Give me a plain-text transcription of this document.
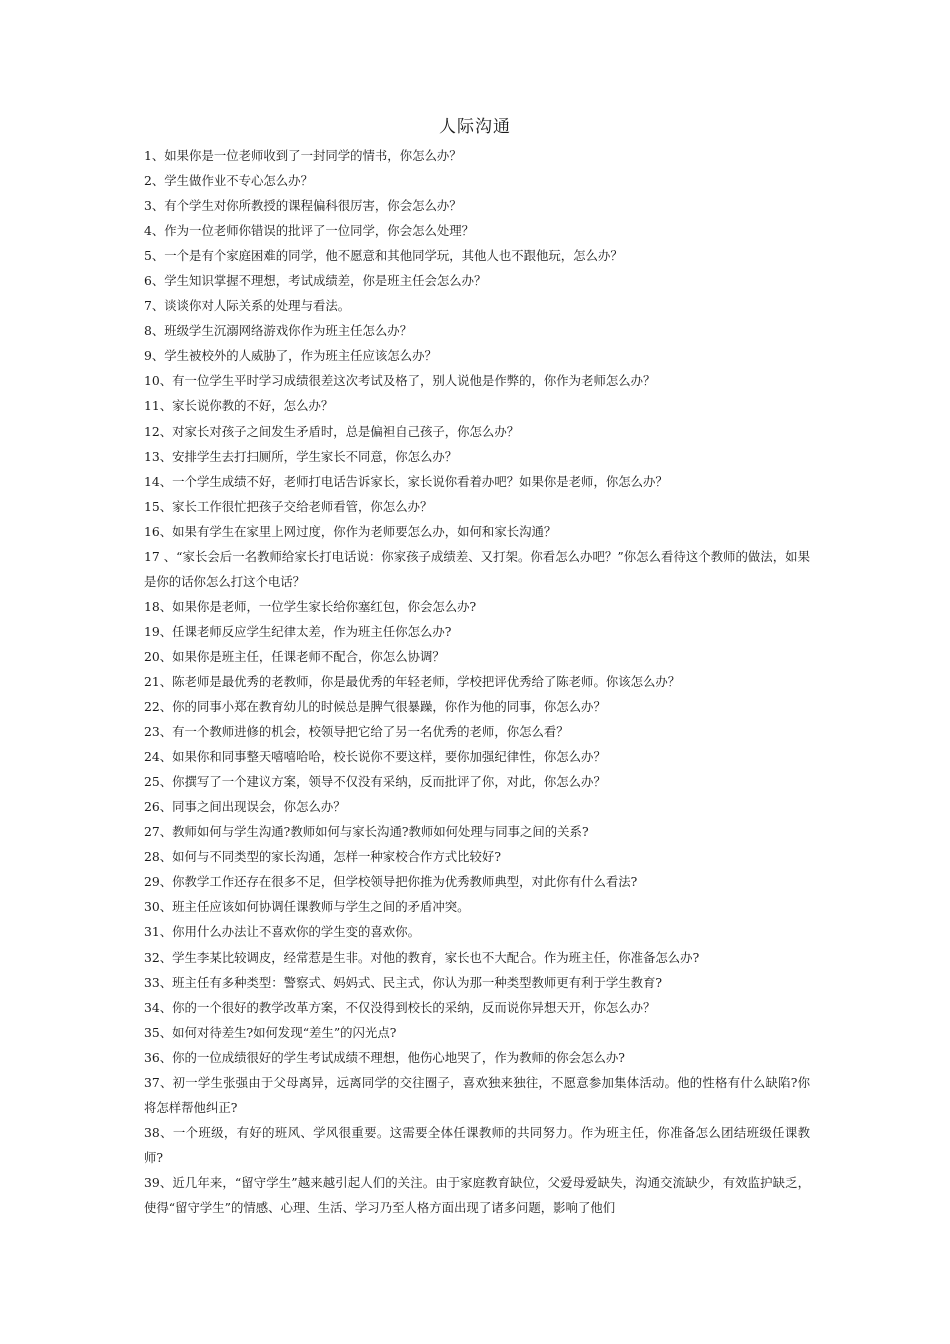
人际沟通
1、如果你是一位老师收到了一封同学的情书，你怎么办？
2、学生做作业不专心怎么办？
3、有个学生对你所教授的课程偏科很厉害，你会怎么办？
4、作为一位老师你错误的批评了一位同学，你会怎么处理？
5、一个是有个家庭困难的同学，他不愿意和其他同学玩，其他人也不跟他玩，怎么办？
6、学生知识掌握不理想，考试成绩差，你是班主任会怎么办？
7、谈谈你对人际关系的处理与看法。
8、班级学生沉溺网络游戏你作为班主任怎么办？
9、学生被校外的人威胁了，作为班主任应该怎么办？
10、有一位学生平时学习成绩很差这次考试及格了，别人说他是作弊的，你作为老师怎么办？
11、家长说你教的不好，怎么办？
12、对家长对孩子之间发生矛盾时，总是偏袒自己孩子，你怎么办？
13、安排学生去打扫厕所，学生家长不同意，你怎么办？
14、一个学生成绩不好，老师打电话告诉家长，家长说你看着办吧？如果你是老师，你怎么办？
15、家长工作很忙把孩子交给老师看管，你怎么办？
16、如果有学生在家里上网过度，你作为老师要怎么办，如何和家长沟通？
17 、“家长会后一名教师给家长打电话说：你家孩子成绩差、又打架。你看怎么办吧？”你怎么看待这个教师的做法，如果是你的话你怎么打这个电话？
18、如果你是老师，一位学生家长给你塞红包，你会怎么办?
19、任课老师反应学生纪律太差，作为班主任你怎么办?
20、如果你是班主任，任课老师不配合，你怎么协调？
21、陈老师是最优秀的老教师，你是最优秀的年轻老师，学校把评优秀给了陈老师。你该怎么办？
22、你的同事小郑在教育幼儿的时候总是脾气很暴躁，你作为他的同事，你怎么办？
23、有一个教师进修的机会，校领导把它给了另一名优秀的老师，你怎么看？
24、如果你和同事整天嘻嘻哈哈，校长说你不要这样，要你加强纪律性，你怎么办？
25、你撰写了一个建议方案，领导不仅没有采纳，反而批评了你，对此，你怎么办？
26、同事之间出现误会，你怎么办？
27、教师如何与学生沟通?教师如何与家长沟通?教师如何处理与同事之间的关系?
28、如何与不同类型的家长沟通，怎样一种家校合作方式比较好?
29、你教学工作还存在很多不足，但学校领导把你推为优秀教师典型，对此你有什么看法?
30、班主任应该如何协调任课教师与学生之间的矛盾冲突。
31、你用什么办法让不喜欢你的学生变的喜欢你。
32、学生李某比较调皮，经常惹是生非。对他的教育，家长也不大配合。作为班主任，你准备怎么办?
33、班主任有多种类型：警察式、妈妈式、民主式，你认为那一种类型教师更有利于学生教育?
34、你的一个很好的教学改革方案，不仅没得到校长的采纳，反而说你异想天开，你怎么办？
35、如何对待差生?如何发现“差生”的闪光点?
36、你的一位成绩很好的学生考试成绩不理想，他伤心地哭了，作为教师的你会怎么办?
37、初一学生张强由于父母离异，远离同学的交往圈子，喜欢独来独往，不愿意参加集体活动。他的性格有什么缺陷?你将怎样帮他纠正?
38、一个班级，有好的班风、学风很重要。这需要全体任课教师的共同努力。作为班主任，你准备怎么团结班级任课教师?
39、近几年来，“留守学生”越来越引起人们的关注。由于家庭教育缺位，父爱母爱缺失，沟通交流缺少，有效监护缺乏，使得“留守学生”的情感、心理、生活、学习乃至人格方面出现了诸多问题，影响了他们
